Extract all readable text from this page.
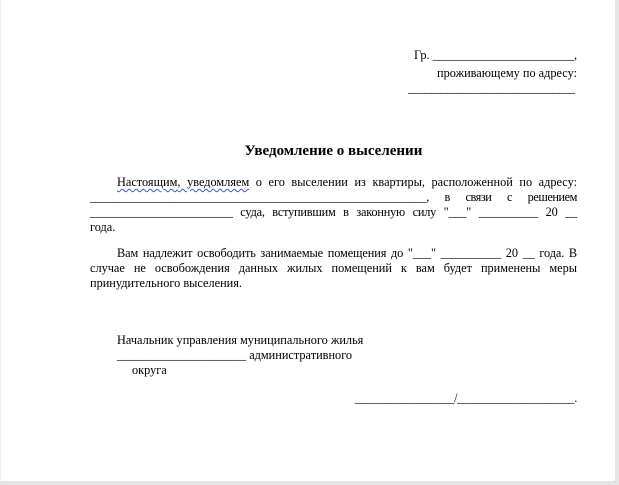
Гр. _______________________,
проживающему по адресу:
______________________________
Уведомление о выселении
Настоящим, уведомляем о его выселении из квартиры, расположенной по адресу:
___________________________________________________________, в связи с решением
________________________ суда, вступившим в законную силу "___" __________ 20 __
года.
Вам надлежит освободить занимаемые помещения до "___" __________ 20 __ года. В
случае не освобождения данных жилых помещений к вам будет применены меры
принудительного выселения.
Начальник управления муниципального жилья
_____________________ административного
округа
_________________/____________________.
